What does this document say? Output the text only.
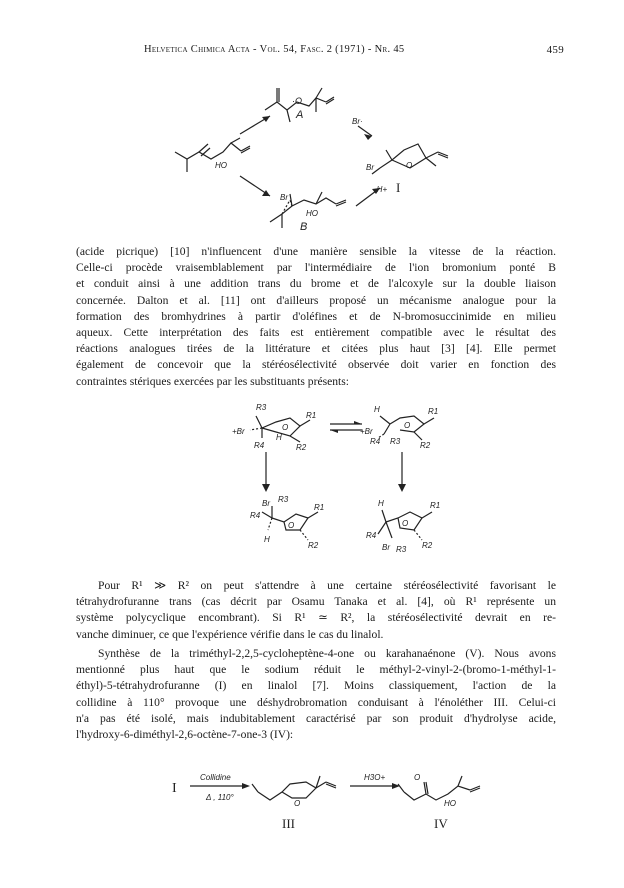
Helvetica Chimica Acta - Vol. 54, Fasc. 2 (1971) - Nr. 45	459
·O
A
HO
Br·
O
Br
I
-H+
Br
HO
B
(acide picrique) [10] n'influencent d'une manière sensible la vitesse de la réaction.
Celle-ci procède vraisemblablement par l'intermédiaire de l'ion bromonium ponté B
et conduit ainsi à une addition trans du brome et de l'alcoxyle sur la double liaison
concernée. Dalton et al. [11] ont d'ailleurs proposé un mécanisme analogue pour la
formation des bromhydrines à partir d'oléfines et de N-bromosuccinimide en milieu
aqueux. Cette interprétation des faits est entièrement compatible avec le résultat des
réactions analogues tirées de la littérature et citées plus haut [3] [4]. Elle permet
également de concevoir que la stéréosélectivité observée doit varier en fonction des
contraintes stériques exercées par les substituants présents:
R3
R1
+Br	O
H
R2
R4
H	R1
+Br
O
R4 R3 R2
Br R3
R4
O
R1
H
R2
H
R4
O
R1
Br R3 R2
Pour R¹ ≫ R² on peut s'attendre à une certaine stéréosélectivité favorisant le
tétrahydrofuranne trans (cas décrit par Osamu Tanaka et al. [4], où R¹ représente un
système polycyclique encombrant). Si R¹ ≃ R², la stéréosélectivité devrait en re-
vanche diminuer, ce que l'expérience vérifie dans le cas du linalol.
Synthèse de la triméthyl-2,2,5-cycloheptène-4-one ou karahanaénone (V). Nous avons
mentionné plus haut que le sodium réduit le méthyl-2-vinyl-2-(bromo-1-méthyl-1-
éthyl)-5-tétrahydrofuranne (I) en linalol [7]. Moins classiquement, l'action de la
collidine à 110° provoque une déshydrobromation conduisant à l'énoléther III. Celui-ci
n'a pas été isolé, mais indubitablement caractérisé par son produit d'hydrolyse acide,
l'hydroxy-6-diméthyl-2,6-octène-7-one-3 (IV):
I
Collidine
Δ , 110°
O
III
H3O+	O
HO
IV
